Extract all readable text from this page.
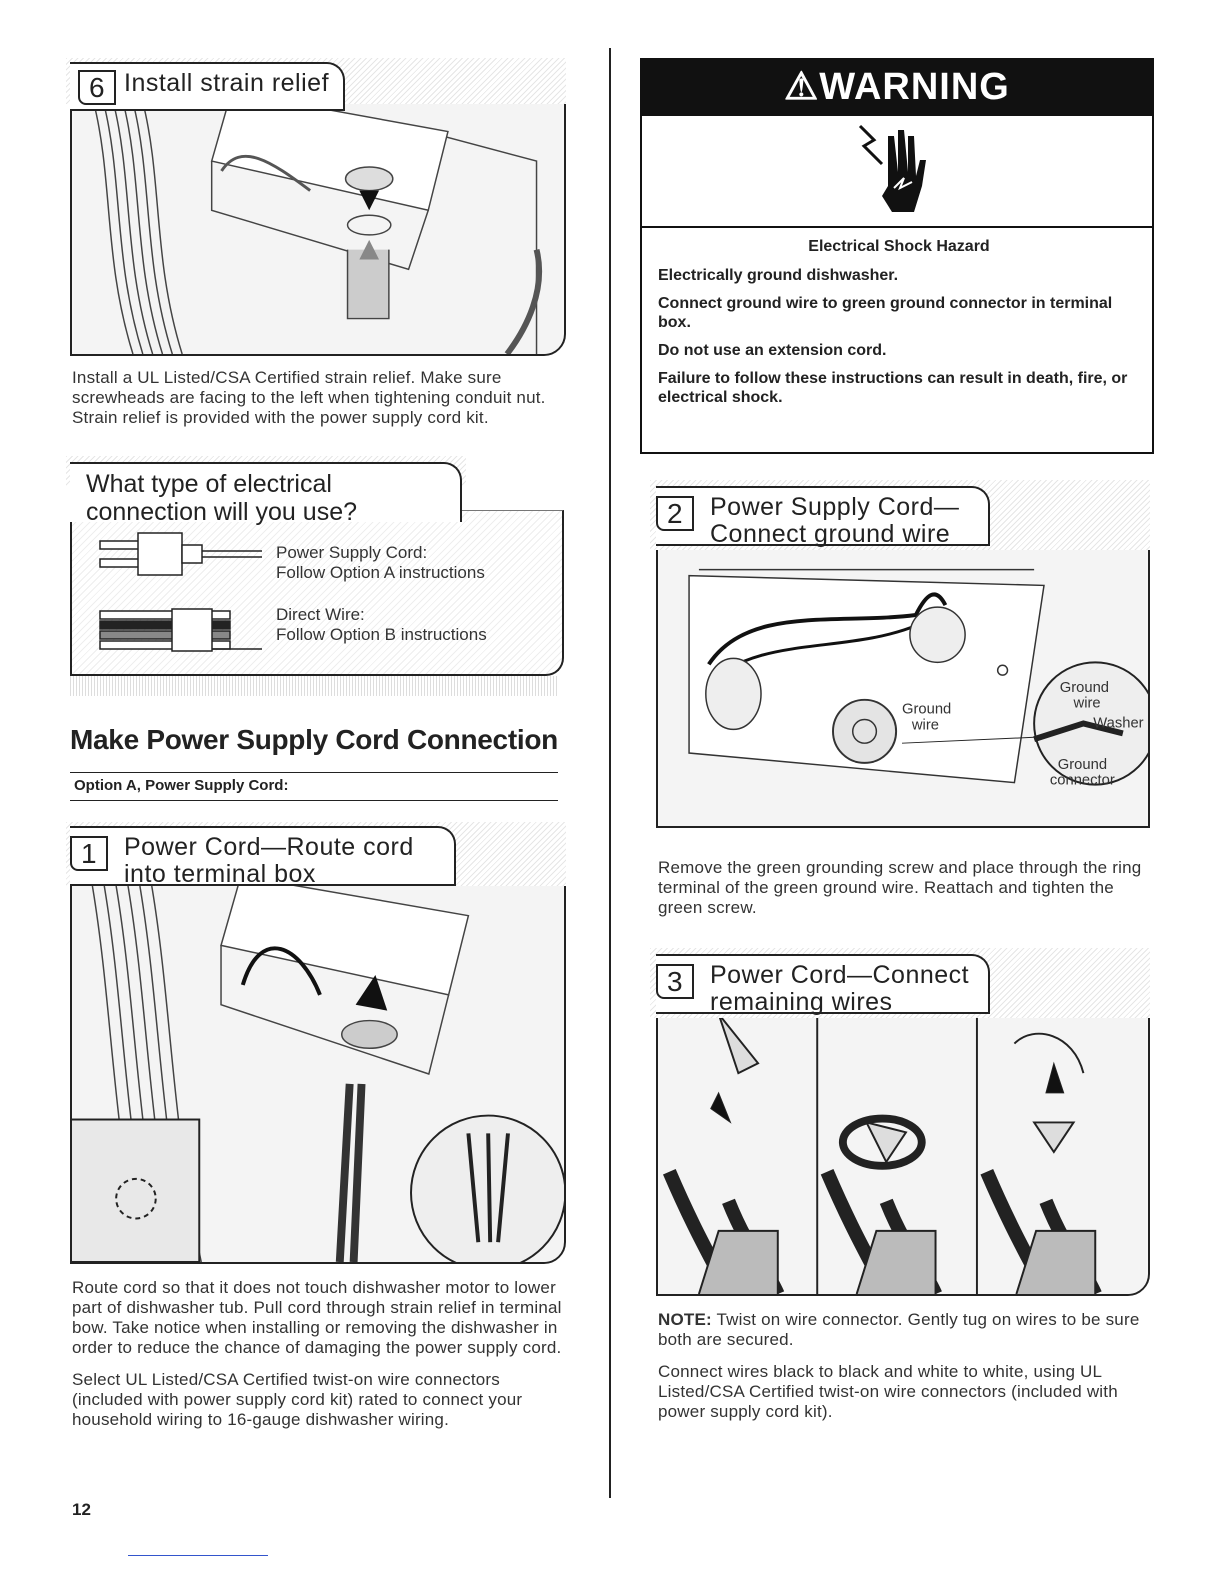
6 Install strain relief
Install a UL Listed/CSA Certified strain relief. Make sure screwheads are facing to the left when tightening conduit nut. Strain relief is provided with the power supply cord kit.
What type of electrical connection will you use?
Power Supply Cord:
Follow Option A instructions
Direct Wire:
Follow Option B instructions
Make Power Supply Cord Connection
Option A, Power Supply Cord:
1	Power Cord—Route cord
into terminal box

Route cord so that it does not touch dishwasher motor to lower part of dishwasher tub. Pull cord through strain relief in terminal bow. Take notice when installing or removing the dishwasher in order to reduce the chance of damaging the power supply cord.

Select UL Listed/CSA Certified twist-on wire connectors (included with power supply cord kit) rated to connect your household wiring to 16-gauge dishwasher wiring.

⚠WARNING
Electrical Shock Hazard

Electrically ground dishwasher.

Connect ground wire to green ground connector in terminal box.

Do not use an extension cord.

Failure to follow these instructions can result in death, fire, or electrical shock.

2	Power Supply Cord—
Connect ground wire
Ground
wire
Ground
wire
Washer
Ground
connector
Remove the green grounding screw and place through the ring terminal of the green ground wire. Reattach and tighten the green screw.
3	Power Cord—Connect
remaining wires

NOTE: Twist on wire connector. Gently tug on wires to be sure both are secured.

Connect wires black to black and white to white, using UL Listed/CSA Certified twist-on wire connectors (included with power supply cord kit).

12
